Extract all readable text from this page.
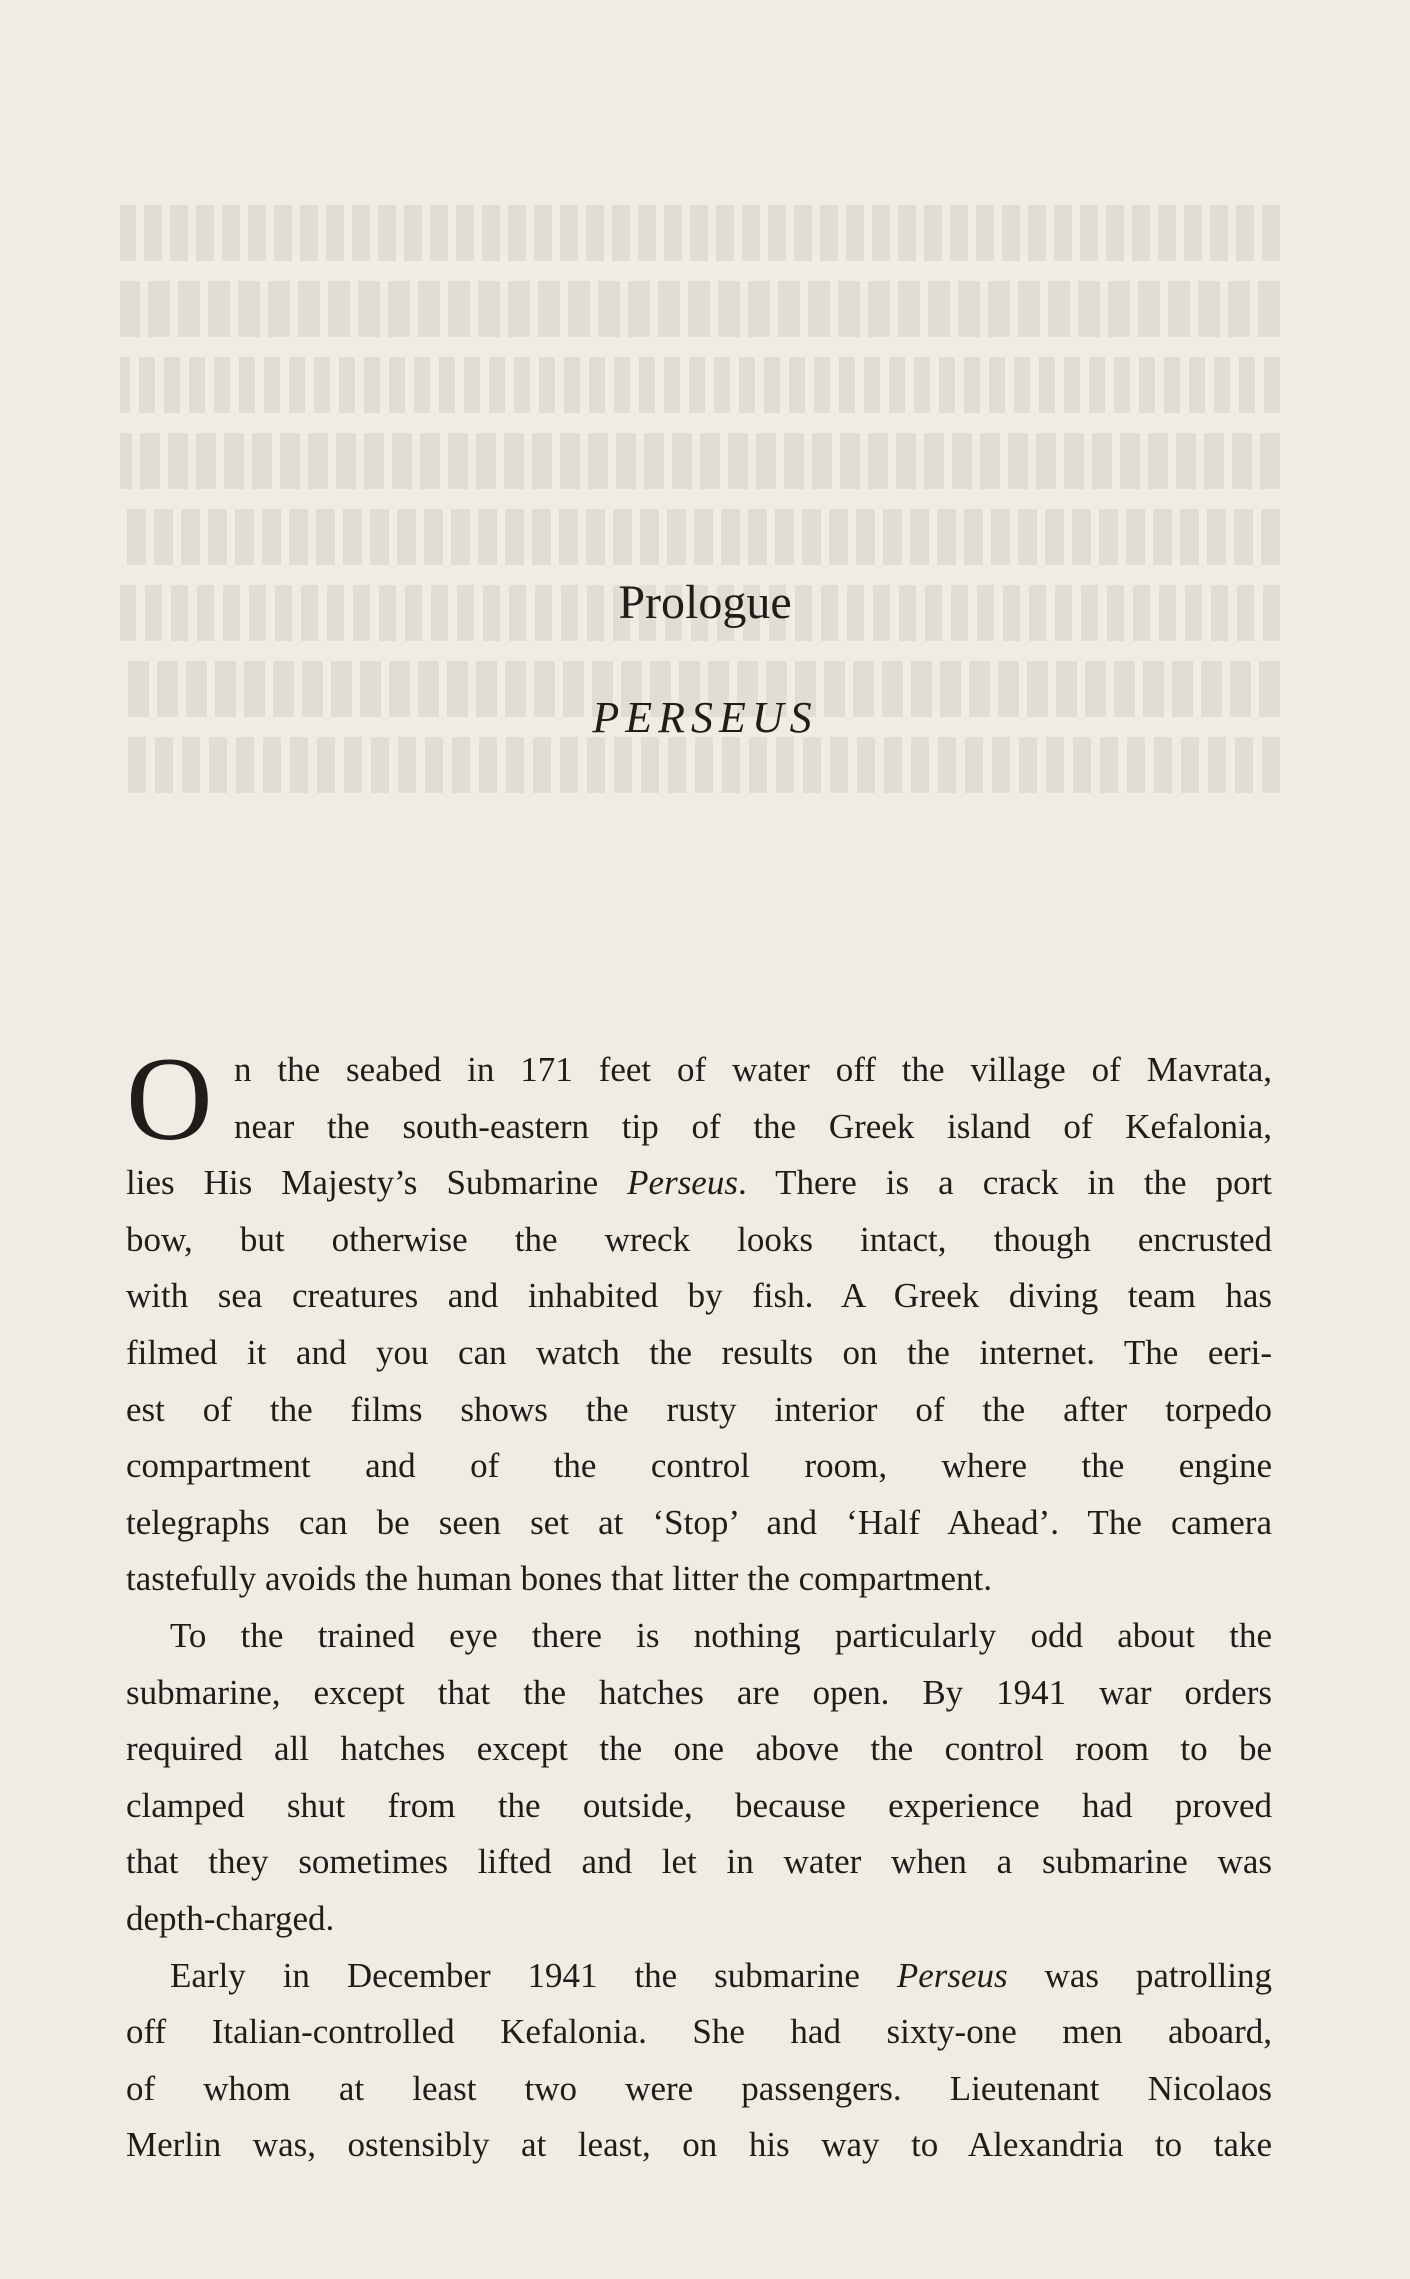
Prologue
PERSEUS
O n the seabed in 171 feet of water off the village of Mavrata,
near the south-eastern tip of the Greek island of Kefalonia,
lies His Majesty’s Submarine Perseus. There is a crack in the port
bow, but otherwise the wreck looks intact, though encrusted
with sea creatures and inhabited by fish. A Greek diving team has
filmed it and you can watch the results on the internet. The eeri-
est of the films shows the rusty interior of the after torpedo
compartment and of the control room, where the engine
telegraphs can be seen set at ‘Stop’ and ‘Half Ahead’. The camera
tastefully avoids the human bones that litter the compartment.
To the trained eye there is nothing particularly odd about the
submarine, except that the hatches are open. By 1941 war orders
required all hatches except the one above the control room to be
clamped shut from the outside, because experience had proved
that they sometimes lifted and let in water when a submarine was
depth-charged.
Early in December 1941 the submarine Perseus was patrolling
off Italian-controlled Kefalonia. She had sixty-one men aboard,
of whom at least two were passengers. Lieutenant Nicolaos
Merlin was, ostensibly at least, on his way to Alexandria to take
